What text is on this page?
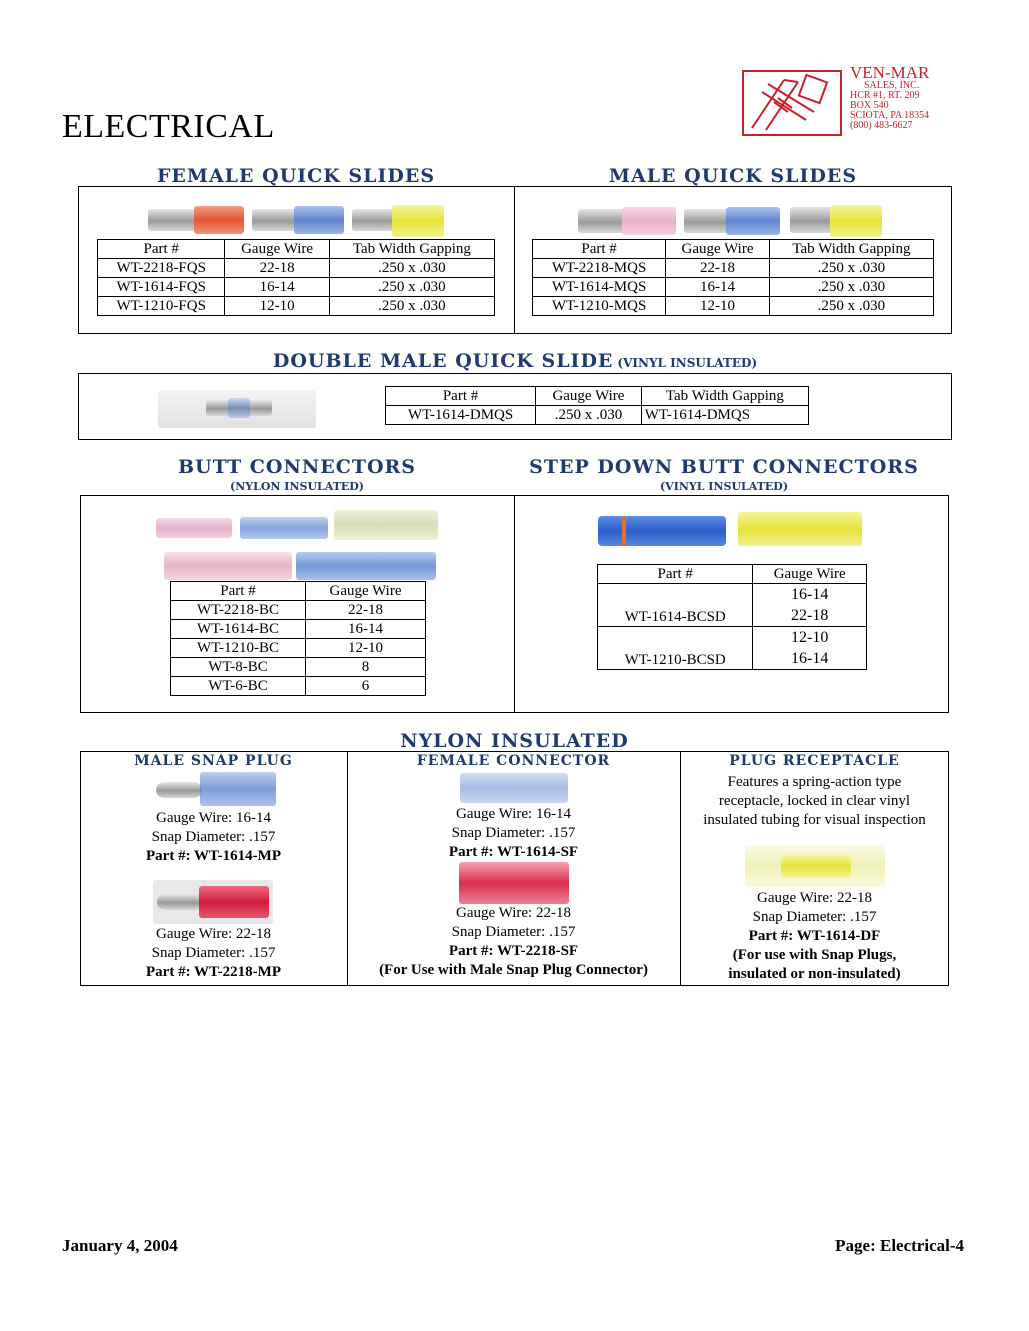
ELECTRICAL
VEN-MAR
SALES, INC.
HCR #1, RT. 209
BOX 540
SCIOTA, PA 18354
(800) 483-6627
FEMALE QUICK SLIDES	MALE QUICK SLIDES
Part #	Gauge Wire	Tab Width Gapping
WT-2218-FQS	22-18	.250 x .030
WT-1614-FQS	16-14	.250 x .030
WT-1210-FQS	12-10	.250 x .030
Part #	Gauge Wire	Tab Width Gapping
WT-2218-MQS	22-18	.250 x .030
WT-1614-MQS	16-14	.250 x .030
WT-1210-MQS	12-10	.250 x .030
DOUBLE MALE QUICK SLIDE (VINYL INSULATED)
Part #	Gauge Wire	Tab Width Gapping
WT-1614-DMQS	.250 x .030	WT-1614-DMQS
BUTT CONNECTORS
(NYLON INSULATED)
STEP DOWN BUTT CONNECTORS
(VINYL INSULATED)
Part #	Gauge Wire
WT-2218-BC	22-18
WT-1614-BC	16-14
WT-1210-BC	12-10
WT-8-BC	8
WT-6-BC	6
Part #	Gauge Wire
WT-1614-BCSD	16-14
22-18

WT-1210-BCSD	12-10
16-14
NYLON INSULATED
MALE SNAP PLUG
Gauge Wire: 16-14
Snap Diameter: .157
Part #: WT-1614-MP
Gauge Wire: 22-18
Snap Diameter: .157
Part #: WT-2218-MP
FEMALE CONNECTOR
Gauge Wire: 16-14
Snap Diameter: .157
Part #: WT-1614-SF
Gauge Wire: 22-18
Snap Diameter: .157
Part #: WT-2218-SF
(For Use with Male Snap Plug Connector)
PLUG RECEPTACLE
Features a spring-action type
receptacle, locked in clear vinyl
insulated tubing for visual inspection
Gauge Wire: 22-18
Snap Diameter: .157
Part #: WT-1614-DF
(For use with Snap Plugs,
insulated or non-insulated)
January 4, 2004	Page: Electrical-4
